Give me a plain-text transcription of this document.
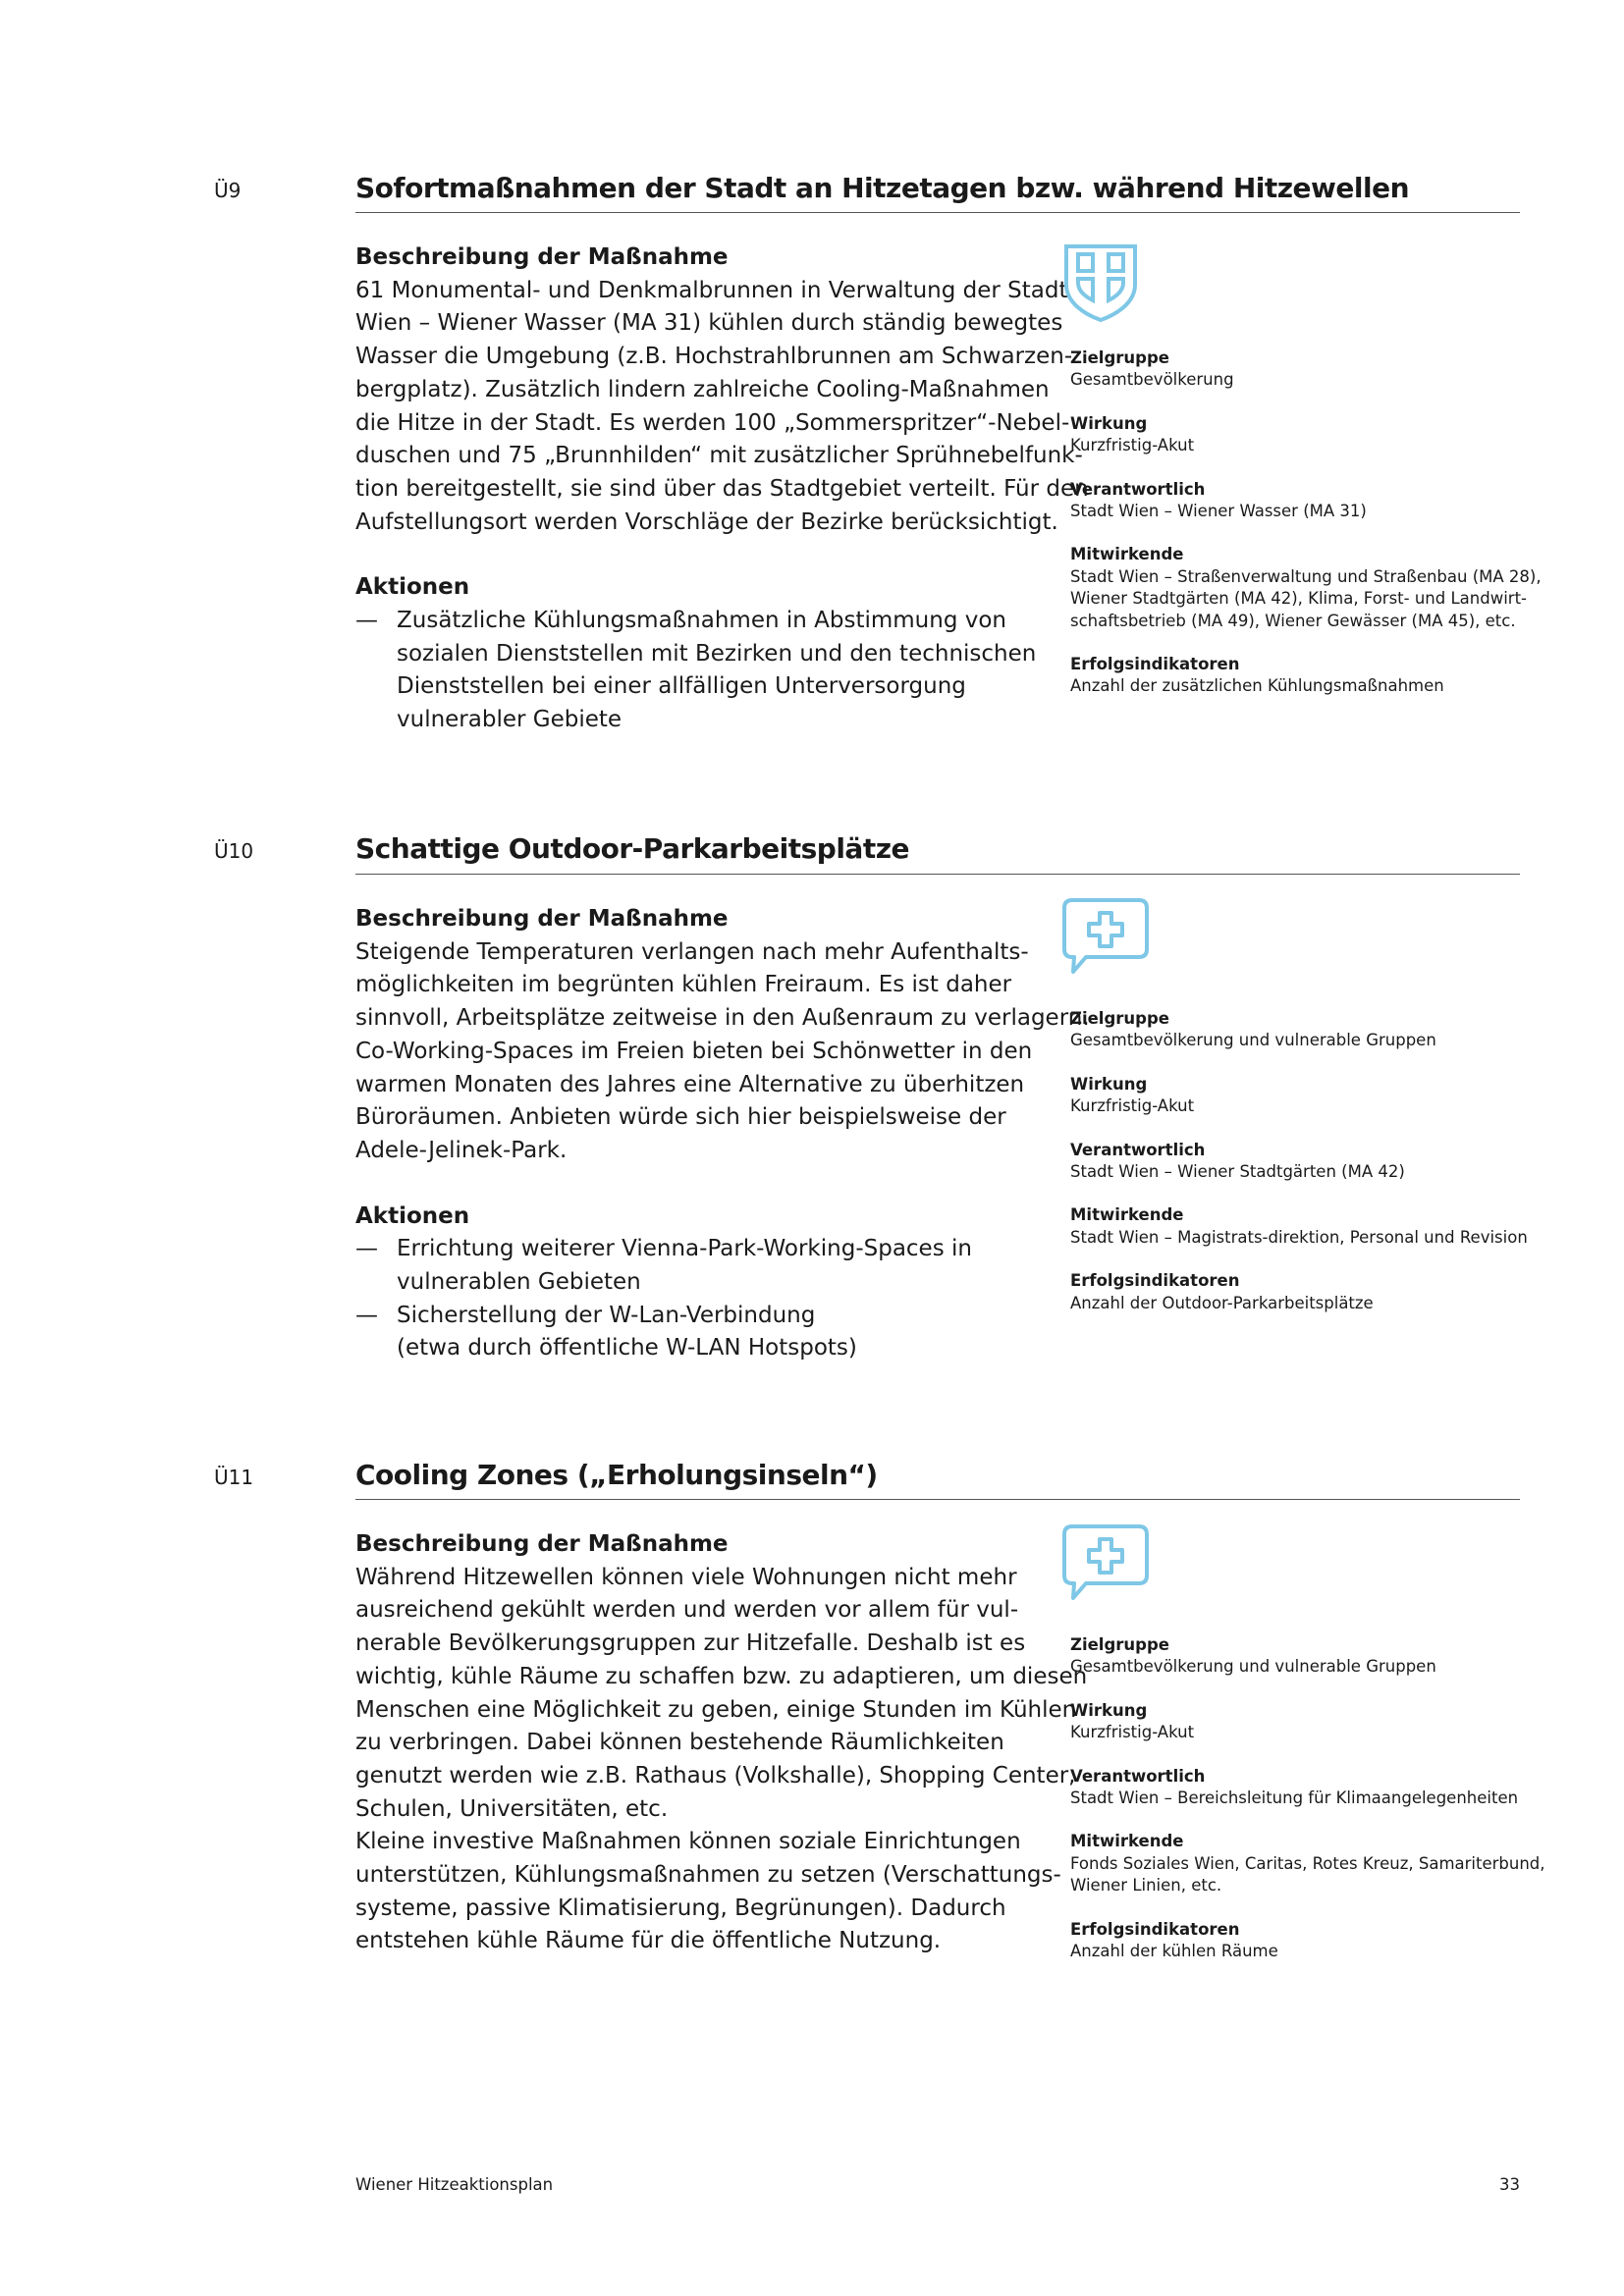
Ü9	Sofortmaßnahmen der Stadt an Hitzetagen bzw. während Hitzewellen
Beschreibung der Maßnahme

61 Monumental- und Denkmalbrunnen in Verwaltung der Stadt
Wien – Wiener Wasser (MA 31) kühlen durch ständig bewegtes
Wasser die Umgebung (z.B. Hochstrahlbrunnen am Schwarzen-
bergplatz). Zusätzlich lindern zahlreiche Cooling-Maßnahmen
die Hitze in der Stadt. Es werden 100 „Sommerspritzer“-Nebel-
duschen und 75 „Brunnhilden“ mit zusätzlicher Sprühnebelfunk-
tion bereitgestellt, sie sind über das Stadtgebiet verteilt. Für den
Aufstellungsort werden Vorschläge der Bezirke berücksichtigt.

Aktionen
— Zusätzliche Kühlungsmaßnahmen in Abstimmung von
sozialen Dienststellen mit Bezirken und den technischen
Dienststellen bei einer allfälligen Unterversorgung
vulnerabler Gebiete
Zielgruppe
Gesamtbevölkerung
Wirkung
Kurzfristig-Akut
Verantwortlich
Stadt Wien – Wiener Wasser (MA 31)
Mitwirkende
Stadt Wien – Straßenverwaltung und Straßenbau (MA 28),
Wiener Stadtgärten (MA 42), Klima, Forst- und Landwirt-
schaftsbetrieb (MA 49), Wiener Gewässer (MA 45), etc.
Erfolgsindikatoren
Anzahl der zusätzlichen Kühlungsmaßnahmen
Ü10	Schattige Outdoor-Parkarbeitsplätze
Beschreibung der Maßnahme

Steigende Temperaturen verlangen nach mehr Aufenthalts-
möglichkeiten im begrünten kühlen Freiraum. Es ist daher
sinnvoll, Arbeitsplätze zeitweise in den Außenraum zu verlagern.
Co-Working-Spaces im Freien bieten bei Schönwetter in den
warmen Monaten des Jahres eine Alternative zu überhitzen
Büroräumen. Anbieten würde sich hier beispielsweise der
Adele-Jelinek-Park.

Aktionen
— Errichtung weiterer Vienna-Park-Working-Spaces in
vulnerablen Gebieten
— Sicherstellung der W-Lan-Verbindung
(etwa durch öffentliche W-LAN Hotspots)
Zielgruppe
Gesamtbevölkerung und vulnerable Gruppen
Wirkung
Kurzfristig-Akut
Verantwortlich
Stadt Wien – Wiener Stadtgärten (MA 42)
Mitwirkende
Stadt Wien – Magistrats-direktion, Personal und Revision
Erfolgsindikatoren
Anzahl der Outdoor-Parkarbeitsplätze
Ü11	Cooling Zones („Erholungsinseln“)
Beschreibung der Maßnahme

Während Hitzewellen können viele Wohnungen nicht mehr
ausreichend gekühlt werden und werden vor allem für vul-
nerable Bevölkerungsgruppen zur Hitzefalle. Deshalb ist es
wichtig, kühle Räume zu schaffen bzw. zu adaptieren, um diesen
Menschen eine Möglichkeit zu geben, einige Stunden im Kühlen
zu verbringen. Dabei können bestehende Räumlichkeiten
genutzt werden wie z.B. Rathaus (Volkshalle), Shopping Center,
Schulen, Universitäten, etc.
Kleine investive Maßnahmen können soziale Einrichtungen
unterstützen, Kühlungsmaßnahmen zu setzen (Verschattungs-
systeme, passive Klimatisierung, Begrünungen). Dadurch
entstehen kühle Räume für die öffentliche Nutzung.

Zielgruppe
Gesamtbevölkerung und vulnerable Gruppen
Wirkung
Kurzfristig-Akut
Verantwortlich
Stadt Wien – Bereichsleitung für Klimaangelegenheiten
Mitwirkende
Fonds Soziales Wien, Caritas, Rotes Kreuz, Samariterbund,
Wiener Linien, etc.
Erfolgsindikatoren
Anzahl der kühlen Räume
Wiener Hitzeaktionsplan	33
